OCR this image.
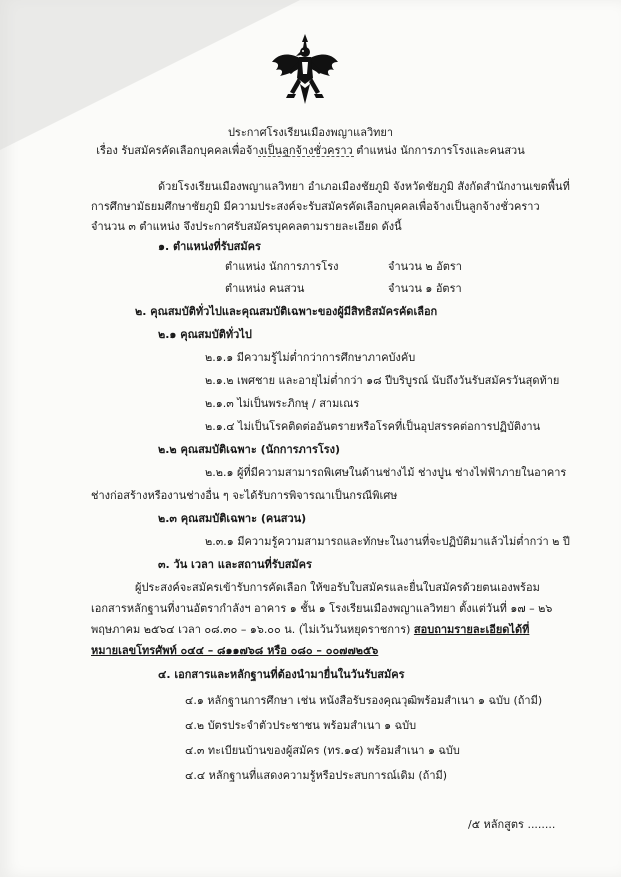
ประกาศโรงเรียนเมืองพญาแลวิทยา
เรื่อง รับสมัครคัดเลือกบุคคลเพื่อจ้างเป็นลูกจ้างชั่วคราว ตำแหน่ง นักการภารโรงและคนสวน
ด้วยโรงเรียนเมืองพญาแลวิทยา อำเภอเมืองชัยภูมิ จังหวัดชัยภูมิ สังกัดสำนักงานเขตพื้นที่
การศึกษามัธยมศึกษาชัยภูมิ มีความประสงค์จะรับสมัครคัดเลือกบุคคลเพื่อจ้างเป็นลูกจ้างชั่วคราว
จำนวน ๓ ตำแหน่ง จึงประกาศรับสมัครบุคคลตามรายละเอียด ดังนี้
๑. ตำแหน่งที่รับสมัคร
ตำแหน่ง นักการภารโรง	จำนวน ๒ อัตรา
ตำแหน่ง คนสวน	จำนวน ๑ อัตรา
๒. คุณสมบัติทั่วไปและคุณสมบัติเฉพาะของผู้มีสิทธิสมัครคัดเลือก
๒.๑ คุณสมบัติทั่วไป
๒.๑.๑ มีความรู้ไม่ต่ำกว่าการศึกษาภาคบังคับ
๒.๑.๒ เพศชาย และอายุไม่ต่ำกว่า ๑๘ ปีบริบูรณ์ นับถึงวันรับสมัครวันสุดท้าย
๒.๑.๓ ไม่เป็นพระภิกษุ / สามเณร
๒.๑.๔ ไม่เป็นโรคติดต่ออันตรายหรือโรคที่เป็นอุปสรรคต่อการปฏิบัติงาน
๒.๒ คุณสมบัติเฉพาะ (นักการภารโรง)
๒.๒.๑ ผู้ที่มีความสามารถพิเศษในด้านช่างไม้ ช่างปูน ช่างไฟฟ้าภายในอาคาร
ช่างก่อสร้างหรืองานช่างอื่น ๆ จะได้รับการพิจารณาเป็นกรณีพิเศษ
๒.๓ คุณสมบัติเฉพาะ (คนสวน)
๒.๓.๑ มีความรู้ความสามารถและทักษะในงานที่จะปฏิบัติมาแล้วไม่ต่ำกว่า ๒ ปี
๓. วัน เวลา และสถานที่รับสมัคร
ผู้ประสงค์จะสมัครเข้ารับการคัดเลือก ให้ขอรับใบสมัครและยื่นใบสมัครด้วยตนเองพร้อม
เอกสารหลักฐานที่งานอัตรากำลังฯ อาคาร ๑ ชั้น ๑ โรงเรียนเมืองพญาแลวิทยา ตั้งแต่วันที่ ๑๗ – ๒๖
พฤษภาคม ๒๕๖๔ เวลา ๐๘.๓๐ – ๑๖.๐๐ น. (ไม่เว้นวันหยุดราชการ) สอบถามรายละเอียดได้ที่
หมายเลขโทรศัพท์ ๐๔๔ – ๘๑๑๗๖๘ หรือ ๐๘๐ – ๐๐๗๗๒๕๖
๔. เอกสารและหลักฐานที่ต้องนำมายื่นในวันรับสมัคร
๔.๑ หลักฐานการศึกษา เช่น หนังสือรับรองคุณวุฒิพร้อมสำเนา ๑ ฉบับ (ถ้ามี)
๔.๒ บัตรประจำตัวประชาชน พร้อมสำเนา ๑ ฉบับ
๔.๓ ทะเบียนบ้านของผู้สมัคร (ทร.๑๔) พร้อมสำเนา ๑ ฉบับ
๔.๔ หลักฐานที่แสดงความรู้หรือประสบการณ์เดิม (ถ้ามี)
/๕ หลักสูตร ........
